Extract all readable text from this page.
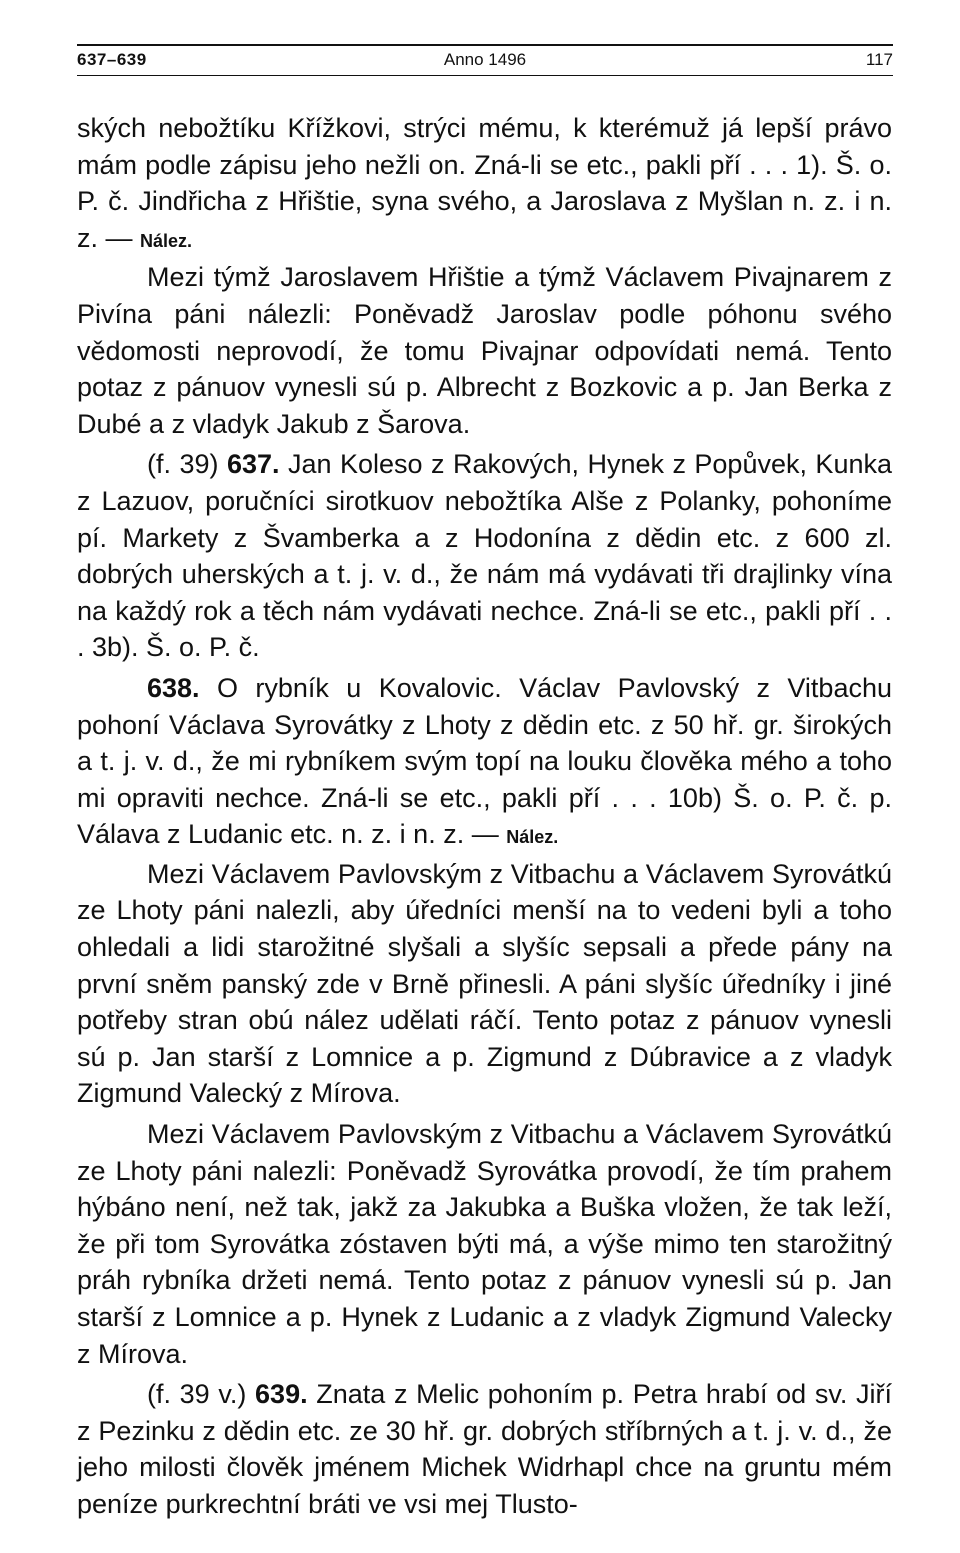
637–639	Anno 1496	117

ských nebožtíku Křížkovi, strýci mému, k kterémuž já lepší právo mám podle zápisu jeho nežli on. Zná-li se etc., pakli pří . . . 1). Š. o. P. č. Jindřicha z Hřištie, syna svého, a Jaroslava z Myšlan n. z. i n. z. — Nález.

Mezi týmž Jaroslavem Hřištie a týmž Václavem Pivajnarem z Pivína páni nálezli: Poněvadž Jaroslav podle póhonu svého vědomosti neprovodí, že tomu Pivajnar odpovídati nemá. Tento potaz z pánuov vynesli sú p. Albrecht z Bozkovic a p. Jan Berka z Dubé a z vladyk Jakub z Šarova.

(f. 39) 637. Jan Koleso z Rakových, Hynek z Popůvek, Kunka z Lazuov, poručníci sirotkuov nebožtíka Alše z Polanky, pohoníme pí. Markety z Švamberka a z Hodonína z dědin etc. z 600 zl. dobrých uherských a t. j. v. d., že nám má vydávati tři drajlinky vína na každý rok a těch nám vydávati nechce. Zná-li se etc., pakli pří . . . 3b). Š. o. P. č.

638. O rybník u Kovalovic. Václav Pavlovský z Vitbachu pohoní Václava Syrovátky z Lhoty z dědin etc. z 50 hř. gr. širokých a t. j. v. d., že mi rybníkem svým topí na louku člověka mého a toho mi opraviti nechce. Zná-li se etc., pakli pří . . . 10b) Š. o. P. č. p. Válava z Ludanic etc. n. z. i n. z. — Nález.

Mezi Václavem Pavlovským z Vitbachu a Václavem Syrovátkú ze Lhoty páni nalezli, aby úředníci menší na to vedeni byli a toho ohledali a lidi starožitné slyšali a slyšíc sepsali a přede pány na první sněm panský zde v Brně přinesli. A páni slyšíc úředníky i jiné potřeby stran obú nález udělati ráčí. Tento potaz z pánuov vynesli sú p. Jan starší z Lomnice a p. Zigmund z Dúbravice a z vladyk Zigmund Valecký z Mírova.

Mezi Václavem Pavlovským z Vitbachu a Václavem Syrovátkú ze Lhoty páni nalezli: Poněvadž Syrovátka provodí, že tím prahem hýbáno není, než tak, jakž za Jakubka a Buška vložen, že tak leží, že při tom Syrovátka zóstaven býti má, a výše mimo ten starožitný práh rybníka držeti nemá. Tento potaz z pánuov vynesli sú p. Jan starší z Lomnice a p. Hynek z Ludanic a z vladyk Zigmund Valecky z Mírova.

(f. 39 v.) 639. Znata z Melic pohoním p. Petra hrabí od sv. Jiří z Pezinku z dědin etc. ze 30 hř. gr. dobrých stříbrných a t. j. v. d., že jeho milosti člověk jménem Michek Widrhapl chce na gruntu mém peníze purkrechtní bráti ve vsi mej Tlusto-
